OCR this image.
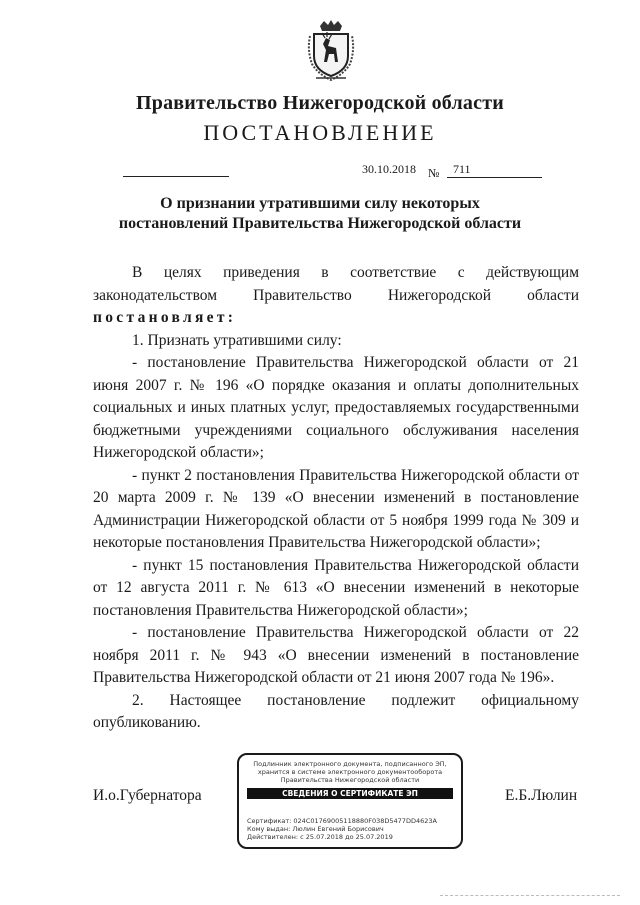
Правительство Нижегородской области
ПОСТАНОВЛЕНИЕ
30.10.2018 № 711
О признании утратившими силу некоторых
постановлений Правительства Нижегородской области

В целях приведения в соответствие с действующим

законодательством Правительство Нижегородской области

постановляет:

1. Признать утратившими силу:

- постановление Правительства Нижегородской области от 21 июня 2007 г. № 196 «О порядке оказания и оплаты дополнительных социальных и иных платных услуг, предоставляемых государственными бюджетными учреждениями социального обслуживания населения Нижегородской области»;

- пункт 2 постановления Правительства Нижегородской области от 20 марта 2009 г. № 139 «О внесении изменений в постановление Администрации Нижегородской области от 5 ноября 1999 года № 309 и некоторые постановления Правительства Нижегородской области»;

- пункт 15 постановления Правительства Нижегородской области от 12 августа 2011 г. № 613 «О внесении изменений в некоторые постановления Правительства Нижегородской области»;

- постановление Правительства Нижегородской области от 22 ноября 2011 г. № 943 «О внесении изменений в постановление Правительства Нижегородской области от 21 июня 2007 года № 196».

2. Настоящее постановление подлежит официальному опубликованию.

И.о.Губернатора	Е.Б.Люлин
Подлинник электронного документа, подписанного ЭП,
хранится в системе электронного документооборота
Правительства Нижегородской области
СВЕДЕНИЯ О СЕРТИФИКАТЕ ЭП
Сертификат: 024C01769005118880F038D5477DD4623A
Кому выдан: Люлин Евгений Борисович
Действителен: с 25.07.2018 до 25.07.2019
